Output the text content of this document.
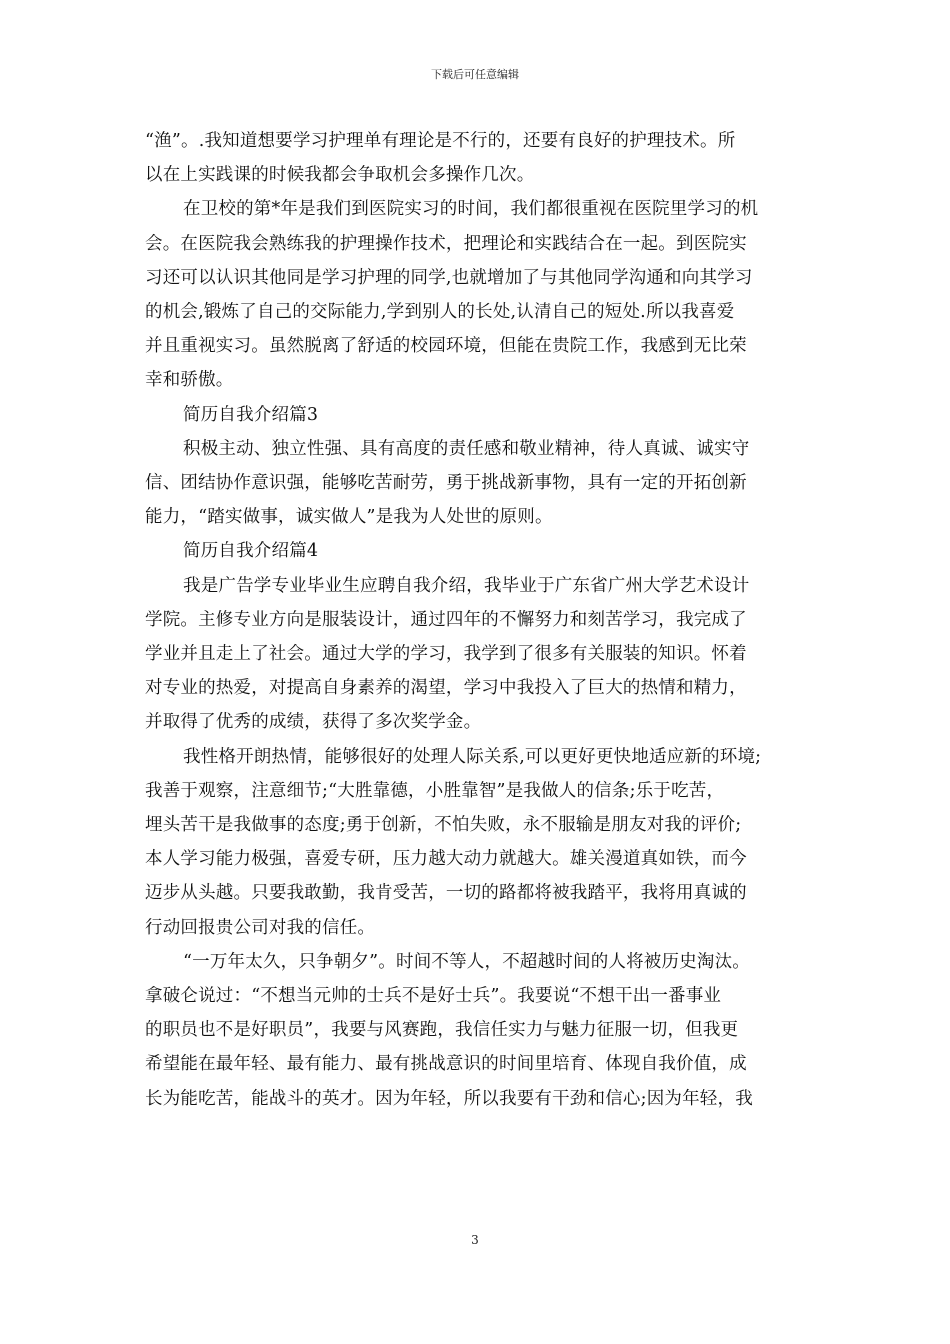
下载后可任意编辑
“渔”。.我知道想要学习护理单有理论是不行的，还要有良好的护理技术。所
以在上实践课的时候我都会争取机会多操作几次。
在卫校的第*年是我们到医院实习的时间，我们都很重视在医院里学习的机
会。在医院我会熟练我的护理操作技术，把理论和实践结合在一起。到医院实
习还可以认识其他同是学习护理的同学,也就增加了与其他同学沟通和向其学习
的机会,锻炼了自己的交际能力,学到别人的长处,认清自己的短处.所以我喜爱
并且重视实习。虽然脱离了舒适的校园环境，但能在贵院工作，我感到无比荣
幸和骄傲。
简历自我介绍篇3
积极主动、独立性强、具有高度的责任感和敬业精神，待人真诚、诚实守
信、团结协作意识强，能够吃苦耐劳，勇于挑战新事物，具有一定的开拓创新
能力，“踏实做事，诚实做人”是我为人处世的原则。
简历自我介绍篇4
我是广告学专业毕业生应聘自我介绍，我毕业于广东省广州大学艺术设计
学院。主修专业方向是服装设计，通过四年的不懈努力和刻苦学习，我完成了
学业并且走上了社会。通过大学的学习，我学到了很多有关服装的知识。怀着
对专业的热爱，对提高自身素养的渴望，学习中我投入了巨大的热情和精力，
并取得了优秀的成绩，获得了多次奖学金。
我性格开朗热情，能够很好的处理人际关系,可以更好更快地适应新的环境;
我善于观察，注意细节;“大胜靠德，小胜靠智”是我做人的信条;乐于吃苦，
埋头苦干是我做事的态度;勇于创新，不怕失败，永不服输是朋友对我的评价;
本人学习能力极强，喜爱专研，压力越大动力就越大。雄关漫道真如铁，而今
迈步从头越。只要我敢勤，我肯受苦，一切的路都将被我踏平，我将用真诚的
行动回报贵公司对我的信任。
“一万年太久，只争朝夕”。时间不等人，不超越时间的人将被历史淘汰。
拿破仑说过：“不想当元帅的士兵不是好士兵”。我要说“不想干出一番事业
的职员也不是好职员”，我要与风赛跑，我信任实力与魅力征服一切，但我更
希望能在最年轻、最有能力、最有挑战意识的时间里培育、体现自我价值，成
长为能吃苦，能战斗的英才。因为年轻，所以我要有干劲和信心;因为年轻，我
3
